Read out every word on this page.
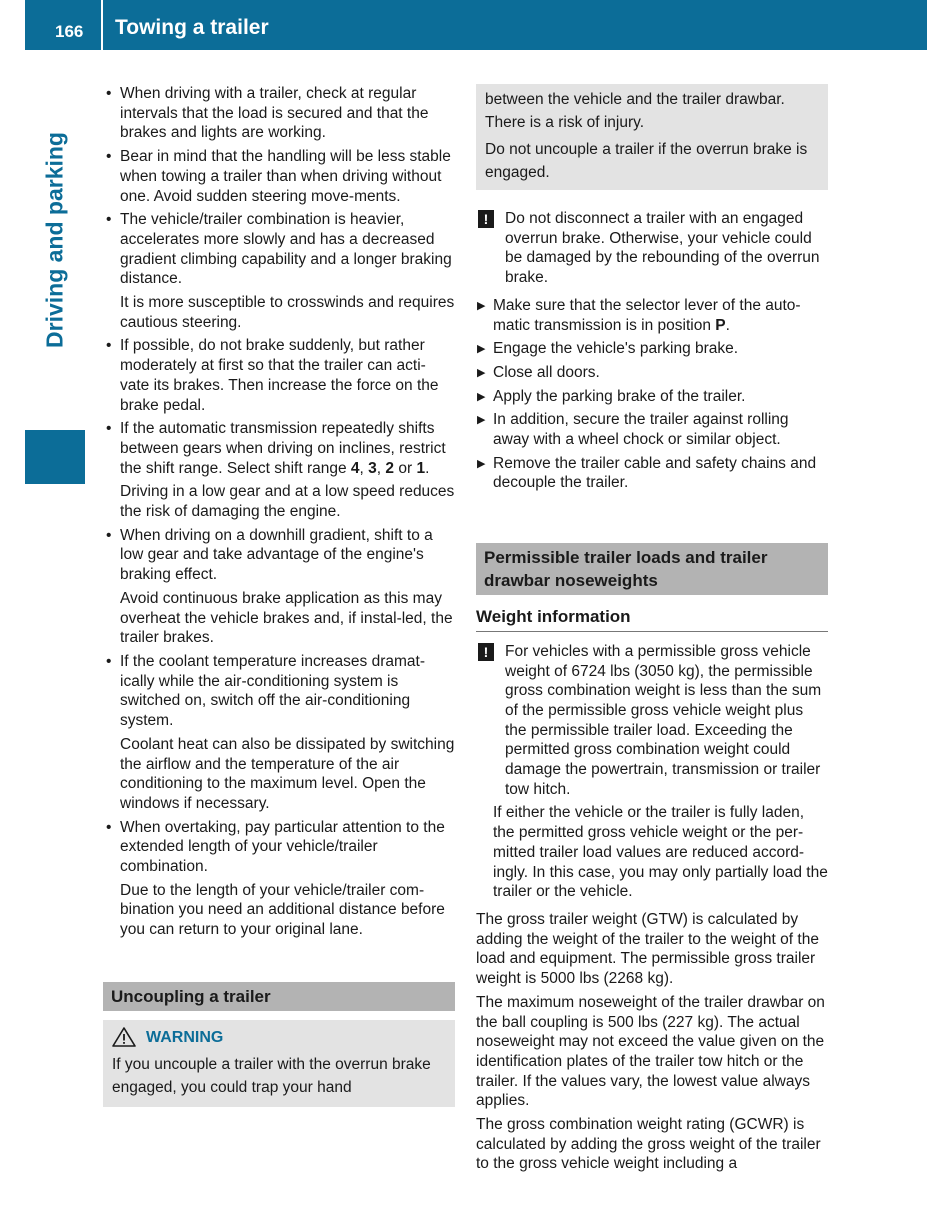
166 Towing a trailer
Driving and parking

• When driving with a trailer, check at regular intervals that the load is secured and that the brakes and lights are working.

• Bear in mind that the handling will be less stable when towing a trailer than when driving without one. Avoid sudden steering move-ments.

• The vehicle/trailer combination is heavier, accelerates more slowly and has a decreased gradient climbing capability and a longer braking distance.

It is more susceptible to crosswinds and requires cautious steering.

• If possible, do not brake suddenly, but rather moderately at first so that the trailer can acti-vate its brakes. Then increase the force on the brake pedal.

• If the automatic transmission repeatedly shifts between gears when driving on inclines, restrict the shift range. Select shift range 4, 3, 2 or 1.

Driving in a low gear and at a low speed reduces the risk of damaging the engine.

• When driving on a downhill gradient, shift to a low gear and take advantage of the engine's braking effect.

Avoid continuous brake application as this may overheat the vehicle brakes and, if instal-led, the trailer brakes.

• If the coolant temperature increases dramat-ically while the air-conditioning system is switched on, switch off the air-conditioning system.

Coolant heat can also be dissipated by switching the airflow and the temperature of the air conditioning to the maximum level. Open the windows if necessary.

• When overtaking, pay particular attention to the extended length of your vehicle/trailer combination.

Due to the length of your vehicle/trailer com-bination you need an additional distance before you can return to your original lane.

Uncoupling a trailer
WARNING

If you uncouple a trailer with the overrun brake engaged, you could trap your hand

between the vehicle and the trailer drawbar. There is a risk of injury.

Do not uncouple a trailer if the overrun brake is engaged.

!	Do not disconnect a trailer with an engaged overrun brake. Otherwise, your vehicle could be damaged by the rebounding of the overrun brake.

▶ Make sure that the selector lever of the auto-matic transmission is in position P.

▶ Engage the vehicle's parking brake.

▶ Close all doors.

▶ Apply the parking brake of the trailer.

▶ In addition, secure the trailer against rolling away with a wheel chock or similar object.

▶ Remove the trailer cable and safety chains and decouple the trailer.

Permissible trailer loads and trailer drawbar noseweights
Weight information
!	For vehicles with a permissible gross vehicle weight of 6724 lbs (3050 kg), the permissible gross combination weight is less than the sum of the permissible gross vehicle weight plus the permissible trailer load. Exceeding the permitted gross combination weight could damage the powertrain, transmission or trailer tow hitch.

If either the vehicle or the trailer is fully laden, the permitted gross vehicle weight or the per-mitted trailer load values are reduced accord-ingly. In this case, you may only partially load the trailer or the vehicle.

The gross trailer weight (GTW) is calculated by adding the weight of the trailer to the weight of the load and equipment. The permissible gross trailer weight is 5000 lbs (2268 kg).

The maximum noseweight of the trailer drawbar on the ball coupling is 500 lbs (227 kg). The actual noseweight may not exceed the value given on the identification plates of the trailer tow hitch or the trailer. If the values vary, the lowest value always applies.

The gross combination weight rating (GCWR) is calculated by adding the gross weight of the trailer to the gross vehicle weight including a
